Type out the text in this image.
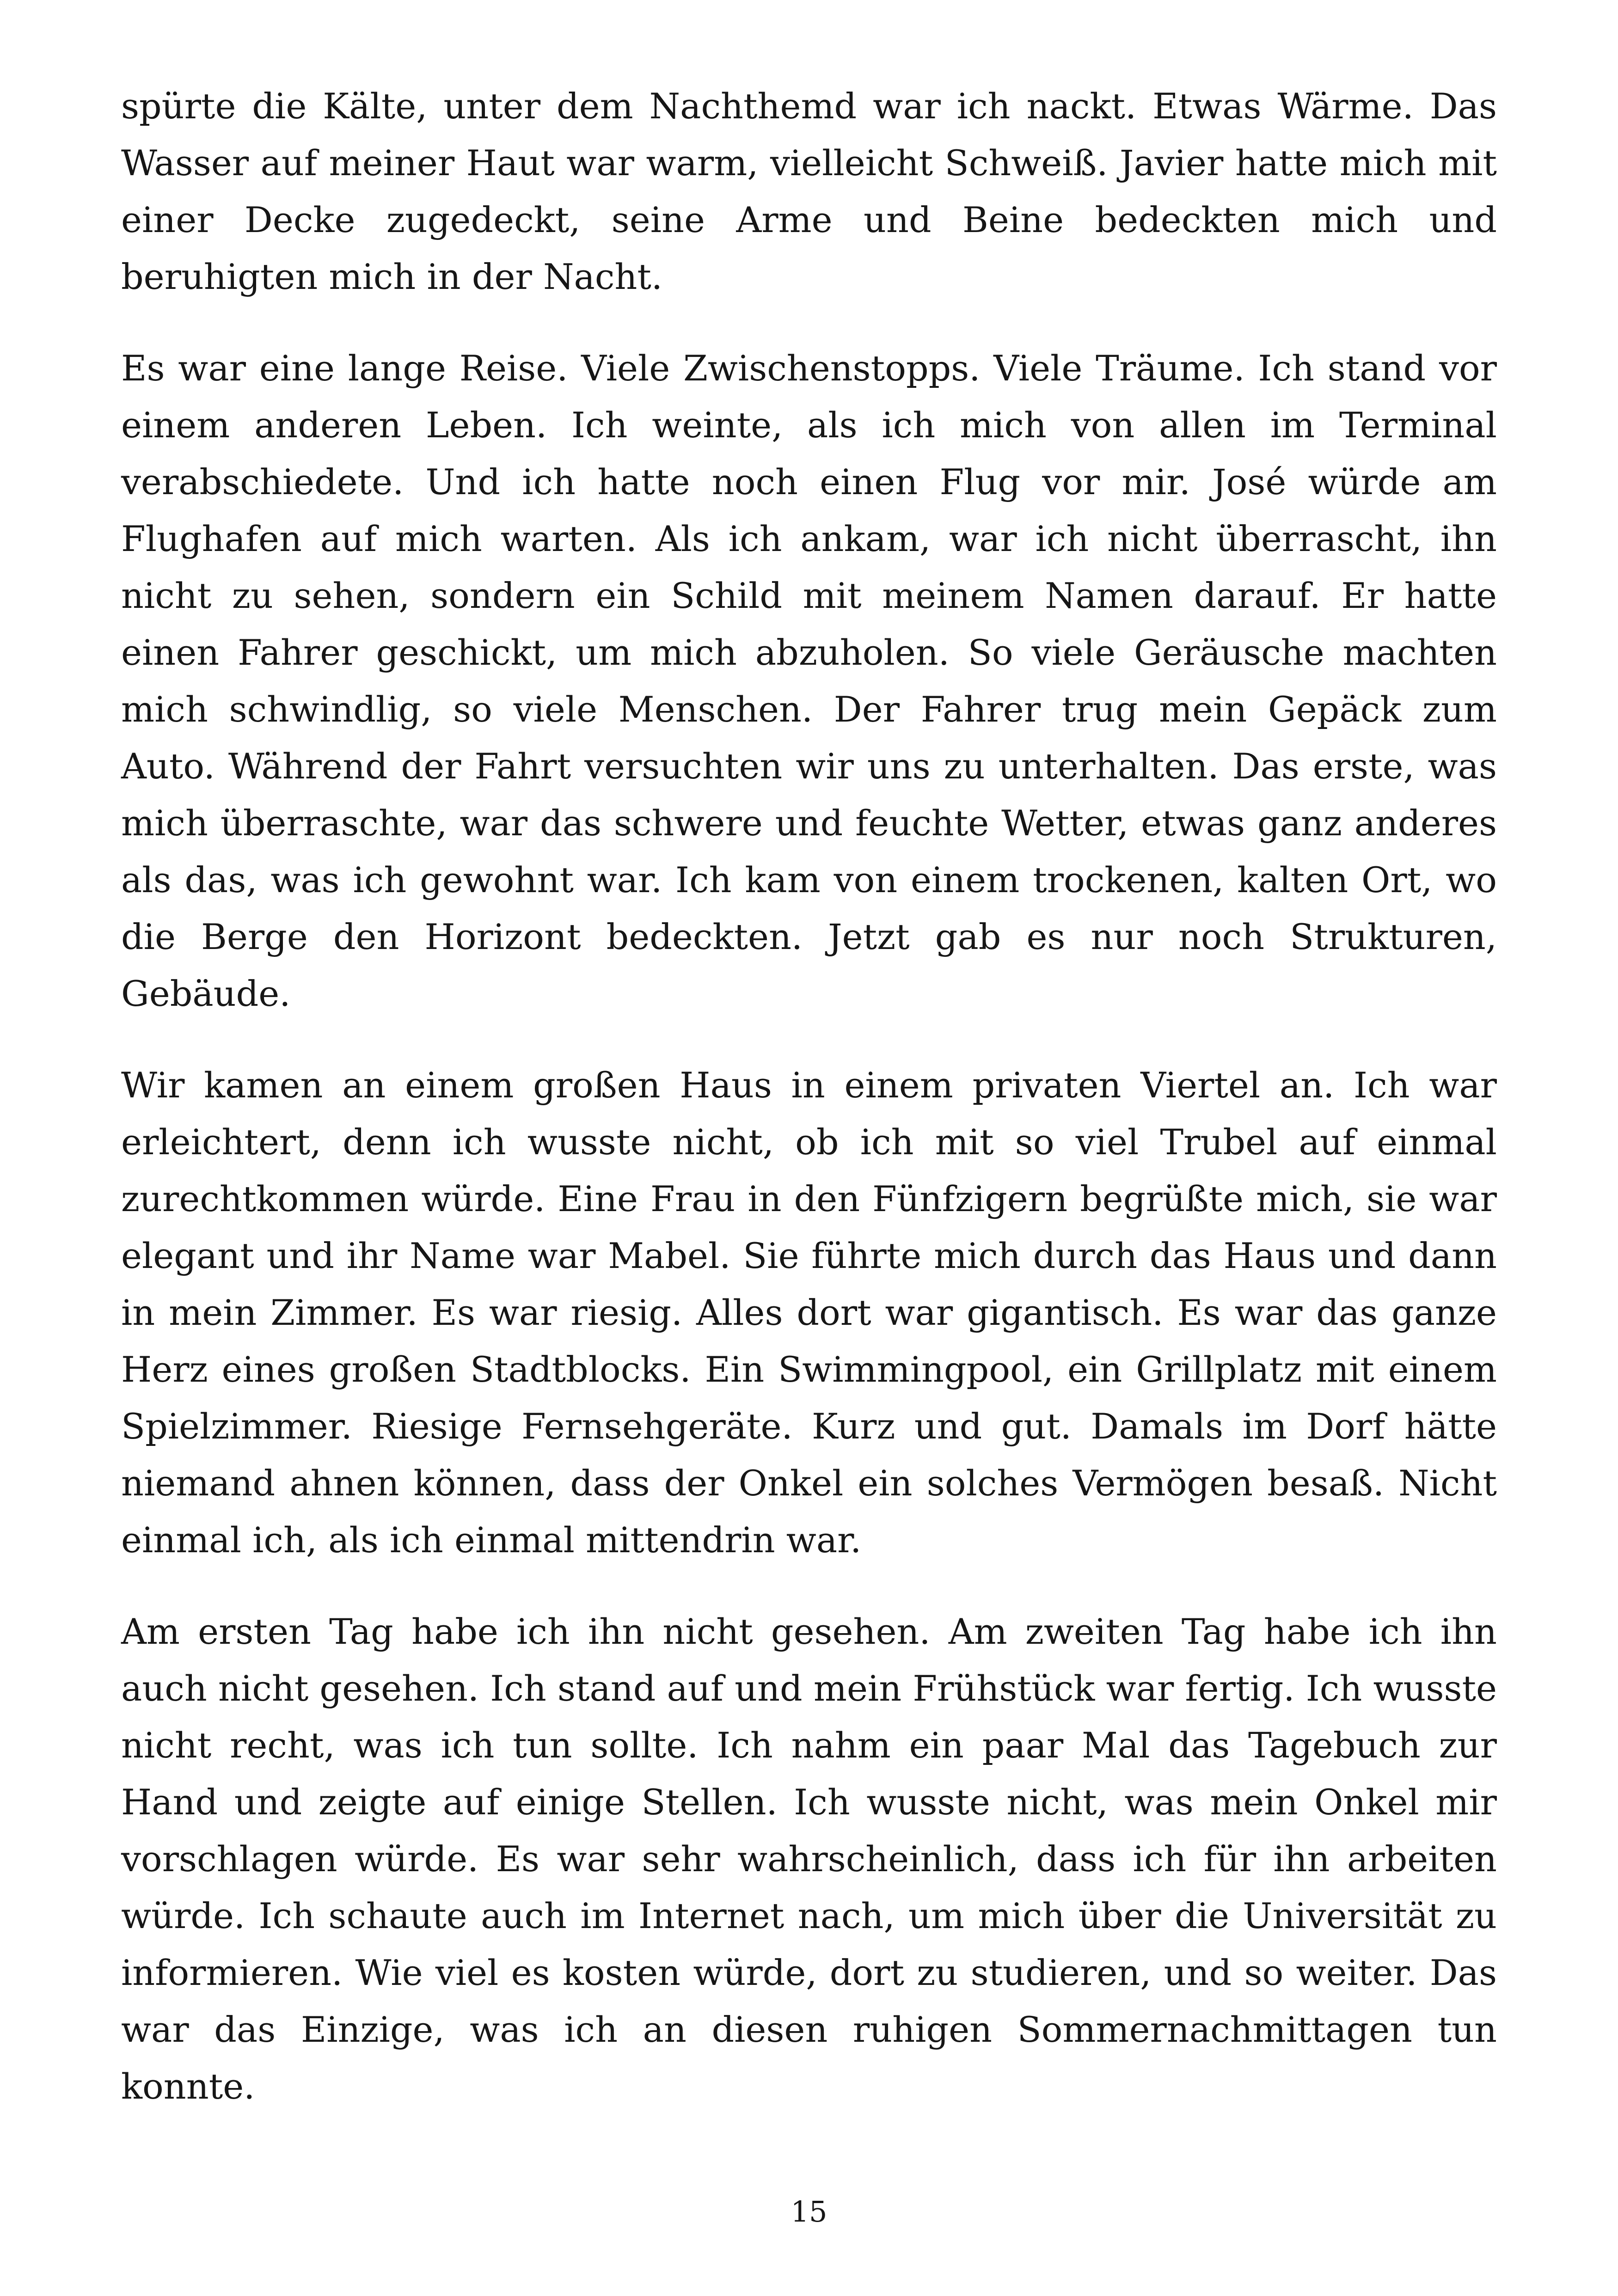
spürte die Kälte, unter dem Nachthemd war ich nackt. Etwas Wärme. Das Wasser auf meiner Haut war warm, vielleicht Schweiß. Javier hatte mich mit einer Decke zugedeckt, seine Arme und Beine bedeckten mich und beruhigten mich in der Nacht.

Es war eine lange Reise. Viele Zwischenstopps. Viele Träume. Ich stand vor einem anderen Leben. Ich weinte, als ich mich von allen im Terminal verabschiedete. Und ich hatte noch einen Flug vor mir. José würde am Flughafen auf mich warten. Als ich ankam, war ich nicht überrascht, ihn nicht zu sehen, sondern ein Schild mit meinem Namen darauf. Er hatte einen Fahrer geschickt, um mich abzuholen. So viele Geräusche machten mich schwindlig, so viele Menschen. Der Fahrer trug mein Gepäck zum Auto. Während der Fahrt versuchten wir uns zu unterhalten. Das erste, was mich überraschte, war das schwere und feuchte Wetter, etwas ganz anderes als das, was ich gewohnt war. Ich kam von einem trockenen, kalten Ort, wo die Berge den Horizont bedeckten. Jetzt gab es nur noch Strukturen, Gebäude.

Wir kamen an einem großen Haus in einem privaten Viertel an. Ich war erleichtert, denn ich wusste nicht, ob ich mit so viel Trubel auf einmal zurechtkommen würde. Eine Frau in den Fünfzigern begrüßte mich, sie war elegant und ihr Name war Mabel. Sie führte mich durch das Haus und dann in mein Zimmer. Es war riesig. Alles dort war gigantisch. Es war das ganze Herz eines großen Stadtblocks. Ein Swimmingpool, ein Grillplatz mit einem Spielzimmer. Riesige Fernsehgeräte. Kurz und gut. Damals im Dorf hätte niemand ahnen können, dass der Onkel ein solches Vermögen besaß. Nicht einmal ich, als ich einmal mittendrin war.

Am ersten Tag habe ich ihn nicht gesehen. Am zweiten Tag habe ich ihn auch nicht gesehen. Ich stand auf und mein Frühstück war fertig. Ich wusste nicht recht, was ich tun sollte. Ich nahm ein paar Mal das Tagebuch zur Hand und zeigte auf einige Stellen. Ich wusste nicht, was mein Onkel mir vorschlagen würde. Es war sehr wahrscheinlich, dass ich für ihn arbeiten würde. Ich schaute auch im Internet nach, um mich über die Universität zu informieren. Wie viel es kosten würde, dort zu studieren, und so weiter. Das war das Einzige, was ich an diesen ruhigen Sommernachmittagen tun konnte.

15
